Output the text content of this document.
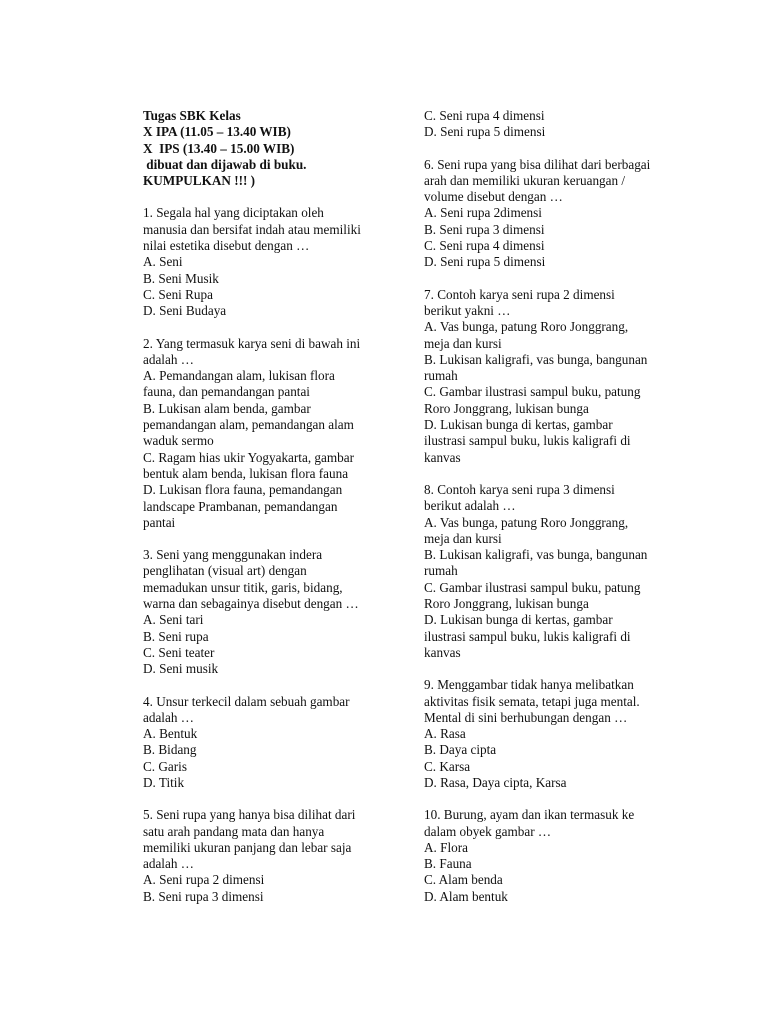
Tugas SBK Kelas
X IPA (11.05 – 13.40 WIB)
X  IPS (13.40 – 15.00 WIB)
dibuat dan dijawab di buku.
KUMPULKAN !!! )
1. Segala hal yang diciptakan oleh
manusia dan bersifat indah atau memiliki
nilai estetika disebut dengan …
A. Seni
B. Seni Musik
C. Seni Rupa
D. Seni Budaya
2. Yang termasuk karya seni di bawah ini
adalah …
A. Pemandangan alam, lukisan flora
fauna, dan pemandangan pantai
B. Lukisan alam benda, gambar
pemandangan alam, pemandangan alam
waduk sermo
C. Ragam hias ukir Yogyakarta, gambar
bentuk alam benda, lukisan flora fauna
D. Lukisan flora fauna, pemandangan
landscape Prambanan, pemandangan
pantai
3. Seni yang menggunakan indera
penglihatan (visual art) dengan
memadukan unsur titik, garis, bidang,
warna dan sebagainya disebut dengan …
A. Seni tari
B. Seni rupa
C. Seni teater
D. Seni musik
4. Unsur terkecil dalam sebuah gambar
adalah …
A. Bentuk
B. Bidang
C. Garis
D. Titik
5. Seni rupa yang hanya bisa dilihat dari
satu arah pandang mata dan hanya
memiliki ukuran panjang dan lebar saja
adalah …
A. Seni rupa 2 dimensi
B. Seni rupa 3 dimensi
C. Seni rupa 4 dimensi
D. Seni rupa 5 dimensi
6. Seni rupa yang bisa dilihat dari berbagai
arah dan memiliki ukuran keruangan /
volume disebut dengan …
A. Seni rupa 2dimensi
B. Seni rupa 3 dimensi
C. Seni rupa 4 dimensi
D. Seni rupa 5 dimensi
7. Contoh karya seni rupa 2 dimensi
berikut yakni …
A. Vas bunga, patung Roro Jonggrang,
meja dan kursi
B. Lukisan kaligrafi, vas bunga, bangunan
rumah
C. Gambar ilustrasi sampul buku, patung
Roro Jonggrang, lukisan bunga
D. Lukisan bunga di kertas, gambar
ilustrasi sampul buku, lukis kaligrafi di
kanvas
8. Contoh karya seni rupa 3 dimensi
berikut adalah …
A. Vas bunga, patung Roro Jonggrang,
meja dan kursi
B. Lukisan kaligrafi, vas bunga, bangunan
rumah
C. Gambar ilustrasi sampul buku, patung
Roro Jonggrang, lukisan bunga
D. Lukisan bunga di kertas, gambar
ilustrasi sampul buku, lukis kaligrafi di
kanvas
9. Menggambar tidak hanya melibatkan
aktivitas fisik semata, tetapi juga mental.
Mental di sini berhubungan dengan …
A. Rasa
B. Daya cipta
C. Karsa
D. Rasa, Daya cipta, Karsa
10. Burung, ayam dan ikan termasuk ke
dalam obyek gambar …
A. Flora
B. Fauna
C. Alam benda
D. Alam bentuk
